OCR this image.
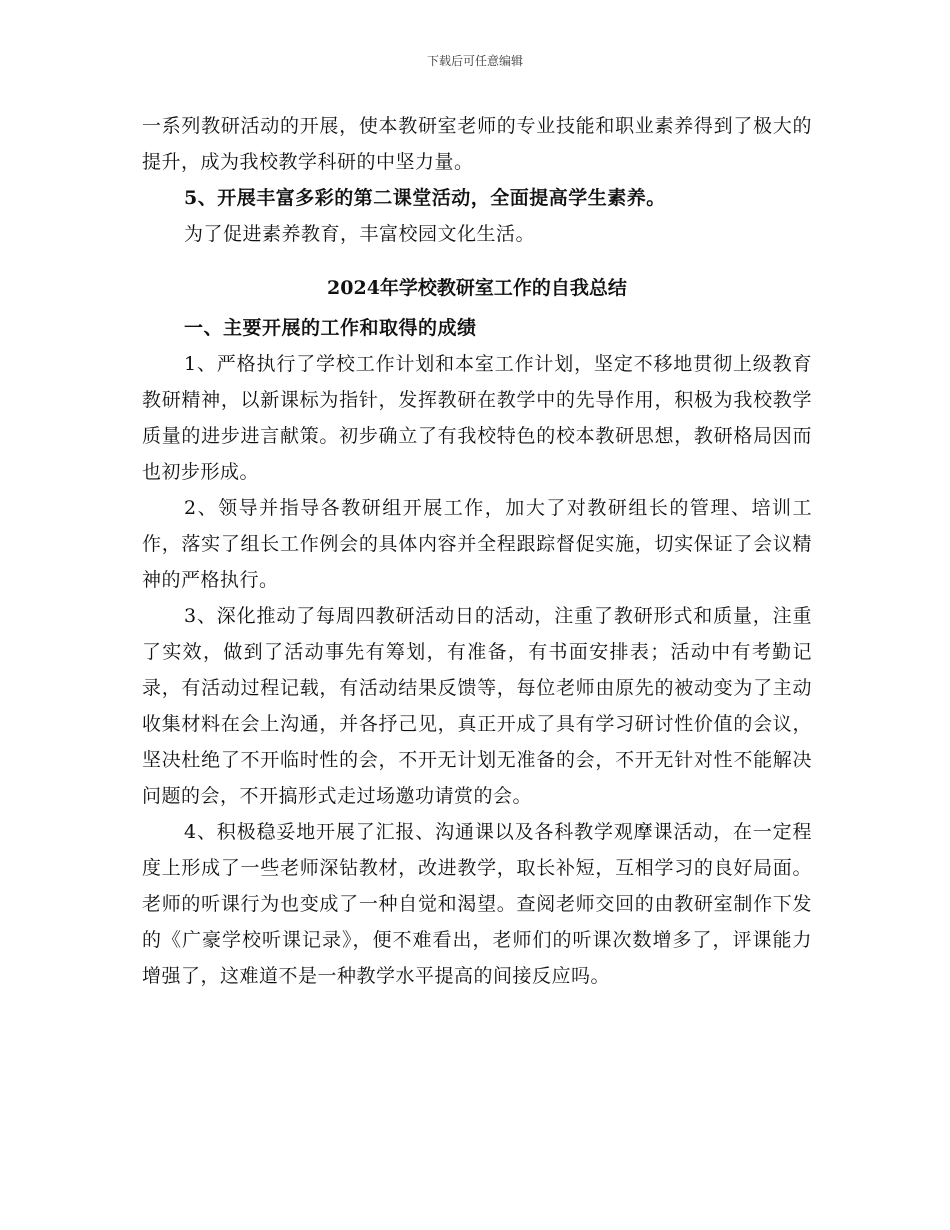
下载后可任意编辑

一系列教研活动的开展，使本教研室老师的专业技能和职业素养得到了极大的提升，成为我校教学科研的中坚力量。

5、开展丰富多彩的第二课堂活动，全面提高学生素养。

为了促进素养教育，丰富校园文化生活。

2024年学校教研室工作的自我总结

一、主要开展的工作和取得的成绩

1、严格执行了学校工作计划和本室工作计划，坚定不移地贯彻上级教育教研精神，以新课标为指针，发挥教研在教学中的先导作用，积极为我校教学质量的进步进言献策。初步确立了有我校特色的校本教研思想，教研格局因而也初步形成。

2、领导并指导各教研组开展工作，加大了对教研组长的管理、培训工作，落实了组长工作例会的具体内容并全程跟踪督促实施，切实保证了会议精神的严格执行。

3、深化推动了每周四教研活动日的活动，注重了教研形式和质量，注重了实效，做到了活动事先有筹划，有准备，有书面安排表；活动中有考勤记录，有活动过程记载，有活动结果反馈等，每位老师由原先的被动变为了主动收集材料在会上沟通，并各抒己见，真正开成了具有学习研讨性价值的会议，坚决杜绝了不开临时性的会，不开无计划无准备的会，不开无针对性不能解决问题的会，不开搞形式走过场邀功请赏的会。

4、积极稳妥地开展了汇报、沟通课以及各科教学观摩课活动，在一定程度上形成了一些老师深钻教材，改进教学，取长补短，互相学习的良好局面。老师的听课行为也变成了一种自觉和渴望。查阅老师交回的由教研室制作下发的《广豪学校听课记录》，便不难看出，老师们的听课次数增多了，评课能力增强了，这难道不是一种教学水平提高的间接反应吗。
